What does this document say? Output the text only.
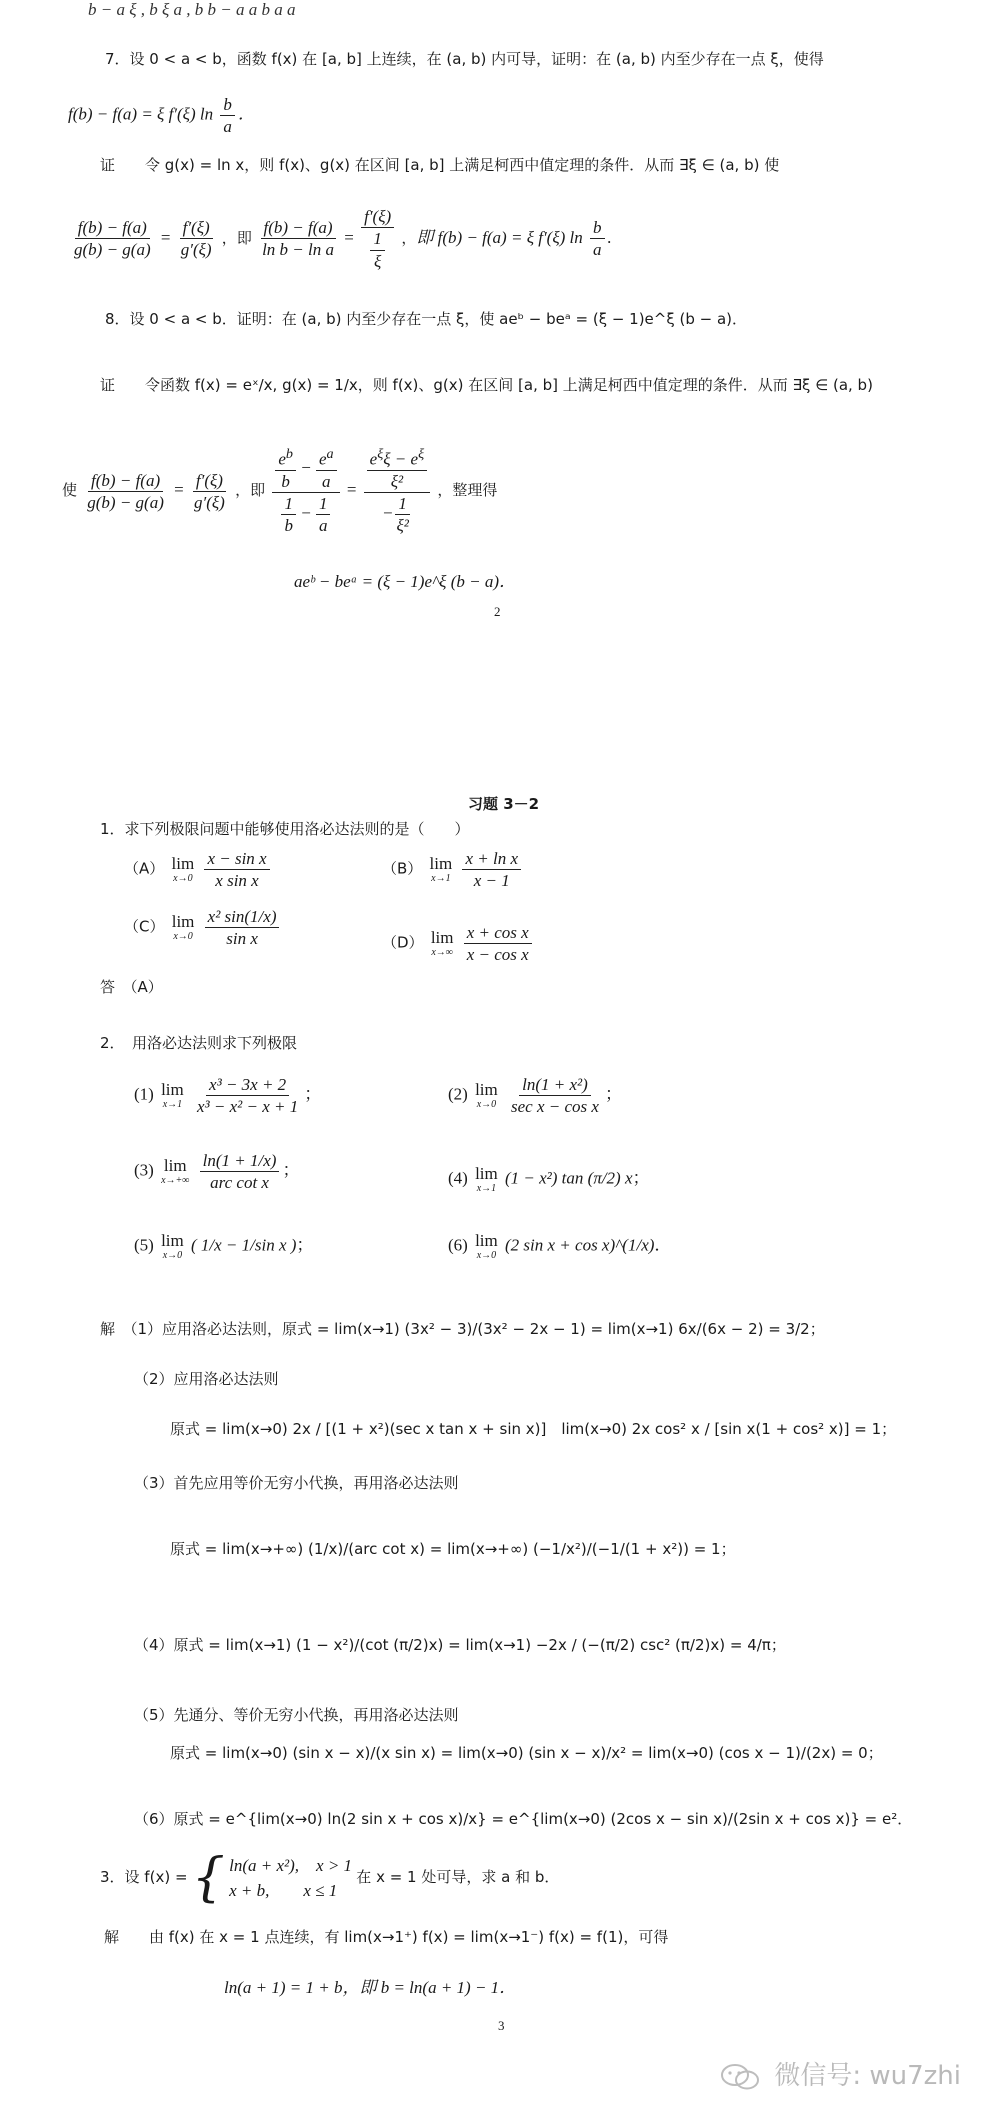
b − a ξ , b ξ a , b b − a a b a a
7．设 0 < a < b，函数 f(x) 在 [a, b] 上连续，在 (a, b) 内可导，证明：在 (a, b) 内至少存在一点 ξ，使得
f(b) − f(a) = ξ f′(ξ) $\ln \frac{b}{a}$ ．
证　　令 g(x) = ln x，则 f(x)、g(x) 在区间 [a, b] 上满足柯西中值定理的条件．从而 ∃ξ ∈ (a, b) 使
$\frac{f(b) - f(a)}{g(b) - g(a)} = \frac{f'(\xi)}{g'(\xi)}$ ，即 $\frac{f(b) - f(a)}{\text{ln b − ln a}} = \frac{f'(\xi)}{\frac{1}{\xi}}$ ，即 f(b) − f(a) = ξ f′(ξ) $\ln \frac{b}{a}$ .
8．设 0 < a < b．证明：在 (a, b) 内至少存在一点 ξ，使 aeᵇ − beᵃ = (ξ − 1)e^ξ (b − a)．
证　　令函数 f(x) = eˣ/x, g(x) = 1/x，则 f(x)、g(x) 在区间 [a, b] 上满足柯西中值定理的条件．从而 ∃ξ ∈ (a, b)
使 $\frac{f(b) - f(a)}{g(b) - g(a)} = \frac{f'(\xi)}{g'(\xi)}$ ，即 $\frac{\frac{e^b}{b} - \frac{e^a}{a}}{\frac{1}{b} - \frac{1}{a}} = \frac{\frac{e^\xi\xi - e^\xi}{\text{ξ²}}}{- \frac{1}{\text{ξ²}}}$ ，整理得
aeᵇ − beᵃ = (ξ − 1)e^ξ (b − a)．
2
习题 3－2
1．求下列极限问题中能够使用洛必达法则的是（　　）
（A） lim
x→0
$\frac{\text{x − sin x}}{\text{x sin x}}$	（B） lim
x→1
$\frac{\text{x + ln x}}{x - 1}$
（C） lim
x→0
$\frac{\text{x² sin(1/x)}}{\text{sin x}}$	（D） lim
x→∞
$\frac{\text{x + cos x}}{\text{x − cos x}}$
答　（A）
2．　用洛必达法则求下列极限
(1) lim
x→1
$\frac{\text{x³ − 3x + 2}}{\text{x³ − x² − x + 1}}$ ；	(2) lim
x→0
$\frac{\text{ln(1 + x²)}}{\text{sec x − cos x}}$ ；
(3) lim
x→+∞
$\frac{\ln(1 + 1/x)}{\text{arc cot x}}$ ；	(4) lim
x→1
(1 − x²) tan (π/2) x；
(5) lim
x→0
( 1/x − 1/sin x )；	(6) lim
x→0
(2 sin x + cos x)^(1/x)．
解　（1）应用洛必达法则，原式 = lim(x→1) (3x² − 3)/(3x² − 2x − 1) = lim(x→1) 6x/(6x − 2) = 3/2；
（2）应用洛必达法则
原式 = lim(x→0) 2x / [(1 + x²)(sec x tan x + sin x)]　lim(x→0) 2x cos² x / [sin x(1 + cos² x)] = 1；
（3）首先应用等价无穷小代换，再用洛必达法则
原式 = lim(x→+∞) (1/x)/(arc cot x) = lim(x→+∞) (−1/x²)/(−1/(1 + x²)) = 1；
（4）原式 = lim(x→1) (1 − x²)/(cot (π/2)x) = lim(x→1) −2x / (−(π/2) csc² (π/2)x) = 4/π；
（5）先通分、等价无穷小代换，再用洛必达法则
原式 = lim(x→0) (sin x − x)/(x sin x) = lim(x→0) (sin x − x)/x² = lim(x→0) (cos x − 1)/(2x) = 0；
（6）原式 = e^{lim(x→0) ln(2 sin x + cos x)/x} = e^{lim(x→0) (2cos x − sin x)/(2sin x + cos x)} = e²．
3．设 f(x) = { ln(a + x²),　x > 1
x + b,　　x ≤ 1
在 x = 1 处可导，求 a 和 b．
解　　由 f(x) 在 x = 1 点连续，有 lim(x→1⁺) f(x) = lim(x→1⁻) f(x) = f(1)，可得
ln(a + 1) = 1 + b，即 b = ln(a + 1) − 1．
3
微信号: wu7zhi
